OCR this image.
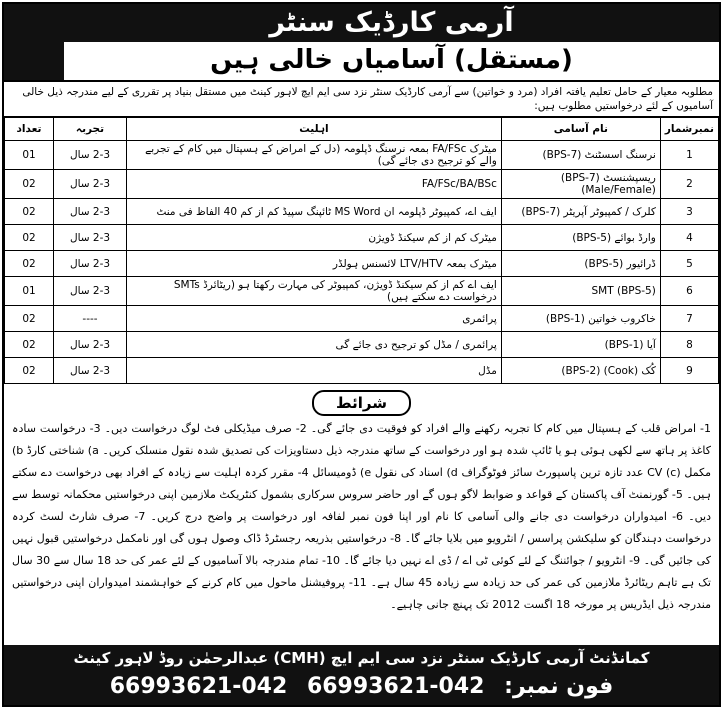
آرمی کارڈیک سنٹر
(مستقل) آسامیاں خالی ہیں
مطلوبہ معیار کے حامل تعلیم یافتہ افراد (مرد و خواتین) سے آرمی کارڈیک سنٹر نزد سی ایم ایچ لاہور کینٹ میں مستقل بنیاد پر تقرری کے لیے مندرجہ ذیل خالی آسامیوں کے لئے درخواستیں مطلوب ہیں:
نمبرشمار	نام آسامی	اہلیت	تجربہ	تعداد
1	نرسنگ اسسٹنٹ (BPS-7)	میٹرک FA/FSc بمعہ نرسنگ ڈپلومہ (دل کے امراض کے ہسپتال میں کام کے تجربے والے کو ترجیح دی جائے گی)	2-3 سال	01
2	ریسپشنسٹ (BPS-7) (Male/Female)	FA/FSc/BA/BSc	2-3 سال	02
3	کلرک / کمپیوٹر آپریٹر (BPS-7)	ایف اے، کمپیوٹر ڈپلومہ ان MS Word ٹائپنگ سپیڈ کم از کم 40 الفاظ فی منٹ	2-3 سال	02
4	وارڈ بوائے (BPS-5)	میٹرک کم از کم سیکنڈ ڈویژن	2-3 سال	02
5	ڈرائیور (BPS-5)	میٹرک بمعہ LTV/HTV لائسنس ہولڈر	2-3 سال	02
6	SMT (BPS-5)	ایف اے کم از کم سیکنڈ ڈویژن، کمپیوٹر کی مہارت رکھتا ہو (ریٹائرڈ SMTs درخواست دے سکتے ہیں)	2-3 سال	01
7	خاکروب خواتین (BPS-1)	پرائمری	----	02
8	آیا (BPS-1)	پرائمری / مڈل کو ترجیح دی جائے گی	2-3 سال	02
9	کُک (Cook) (BPS-2)	مڈل	2-3 سال	02
شرائط
1- امراض قلب کے ہسپتال میں کام کا تجربہ رکھنے والے افراد کو فوقیت دی جائے گی۔ 2- صرف میڈیکلی فٹ لوگ درخواست دیں۔ 3- درخواست سادہ کاغذ پر ہاتھ سے لکھی ہوئی ہو یا ٹائپ شدہ ہو اور درخواست کے ساتھ مندرجہ ذیل دستاویزات کی تصدیق شدہ نقول منسلک کریں۔ a) شناختی کارڈ b) مکمل CV (c) عدد تازہ ترین پاسپورٹ سائز فوٹوگراف d) اسناد کی نقول e) ڈومیسائل 4- مقرر کردہ اہلیت سے زیادہ کے افراد بھی درخواست دے سکتے ہیں۔ 5- گورنمنٹ آف پاکستان کے قواعد و ضوابط لاگو ہوں گے اور حاضر سروس سرکاری بشمول کنٹریکٹ ملازمین اپنی درخواستیں محکمانہ توسط سے دیں۔ 6- امیدواران درخواست دی جانے والی آسامی کا نام اور اپنا فون نمبر لفافہ اور درخواست پر واضح درج کریں۔ 7- صرف شارٹ لسٹ کردہ درخواست دہندگان کو سلیکشن پراسس / انٹرویو میں بلایا جائے گا۔ 8- درخواستیں بذریعہ رجسٹرڈ ڈاک وصول ہوں گی اور نامکمل درخواستیں قبول نہیں کی جائیں گی۔ 9- انٹرویو / جوائننگ کے لئے کوئی ٹی اے / ڈی اے نہیں دیا جائے گا۔ 10- تمام مندرجہ بالا آسامیوں کے لئے عمر کی حد 18 سال سے 30 سال تک ہے تاہم ریٹائرڈ ملازمین کی عمر کی حد زیادہ سے زیادہ 45 سال ہے۔ 11- پروفیشنل ماحول میں کام کرنے کے خواہشمند امیدواران اپنی درخواستیں مندرجہ ذیل ایڈریس پر مورخہ 18 اگست 2012 تک پہنچ جانی چاہیے۔
کمانڈنٹ آرمی کارڈیک سنٹر نزد سی ایم ایچ (CMH) عبدالرحمٰن روڈ لاہور کینٹ
فون نمبر: 042-66993621 042-66993621
